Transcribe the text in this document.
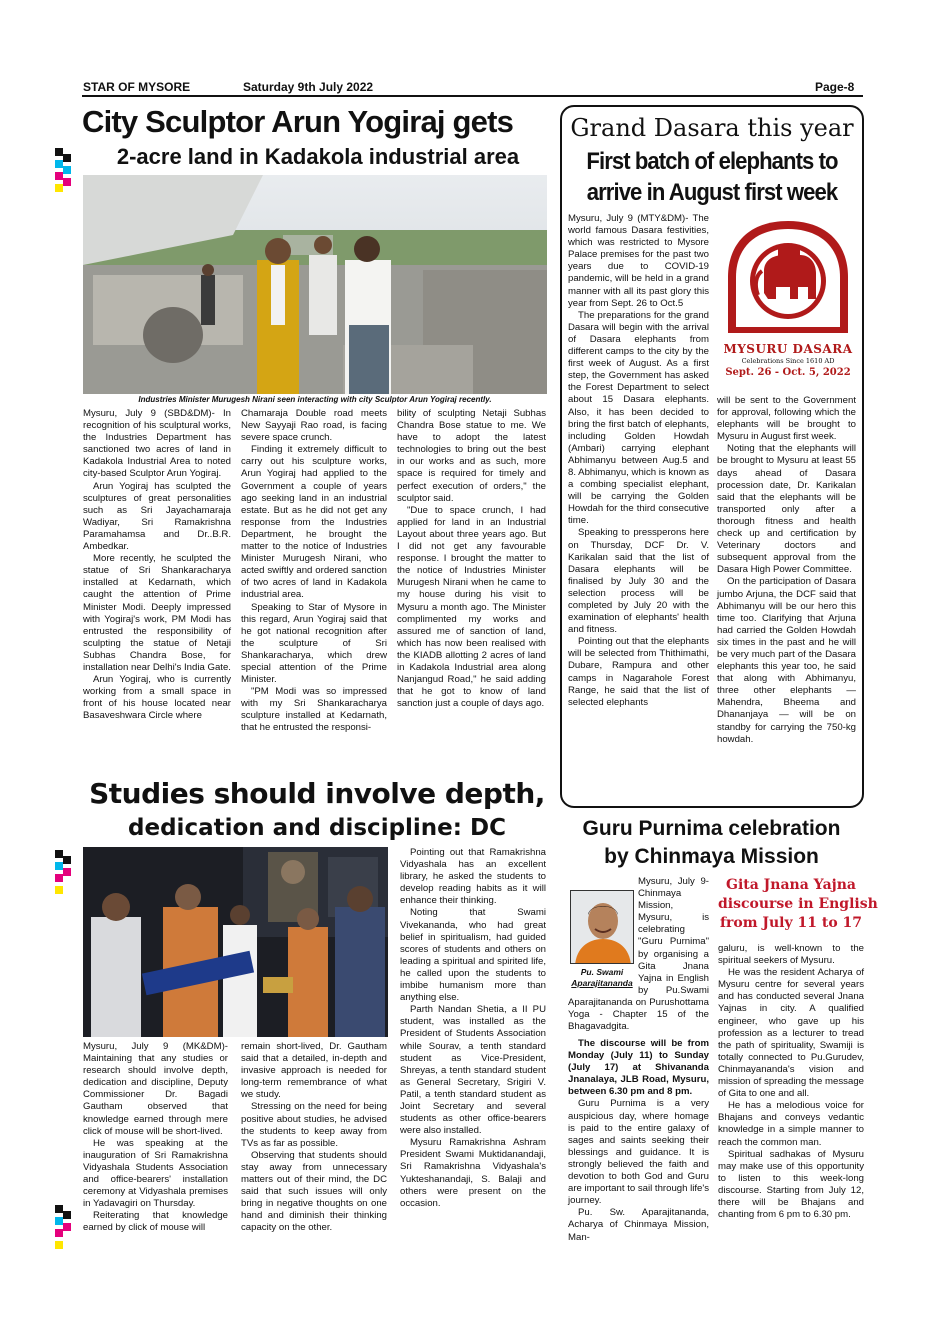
STAR OF MYSORE	Saturday 9th July 2022	Page-8
City Sculptor Arun Yogiraj gets
2-acre land in Kadakola industrial area
Industries Minister Murugesh Nirani seen interacting with city Sculptor Arun Yogiraj recently.

Mysuru, July 9 (SBD&DM)- In recognition of his sculptural works, the Industries Department has sanctioned two acres of land in Kadakola Industrial Area to noted city-based Sculptor Arun Yogiraj.

Arun Yogiraj has sculpted the sculptures of great personalities such as Sri Jayachamaraja Wadiyar, Sri Ramakrishna Paramahamsa and Dr..B.R. Ambedkar.

More recently, he sculpted the statue of Sri Shankaracharya installed at Kedarnath, which caught the attention of Prime Minister Modi. Deeply impressed with Yogiraj's work, PM Modi has entrusted the responsibility of sculpting the statue of Netaji Subhas Chandra Bose, for installation near Delhi's India Gate.

Arun Yogiraj, who is currently working from a small space in front of his house located near Basaveshwara Circle where

Chamaraja Double road meets New Sayyaji Rao road, is facing severe space crunch.

Finding it extremely difficult to carry out his sculpture works, Arun Yogiraj had applied to the Government a couple of years ago seeking land in an industrial estate. But as he did not get any response from the Industries Department, he brought the matter to the notice of Industries Minister Murugesh Nirani, who acted swiftly and ordered sanction of two acres of land in Kadakola industrial area.

Speaking to Star of Mysore in this regard, Arun Yogiraj said that he got national recognition after the sculpture of Sri Shankaracharya, which drew special attention of the Prime Minister.

"PM Modi was so impressed with my Sri Shankaracharya sculpture installed at Kedarnath, that he entrusted the responsi-

bility of sculpting Netaji Subhas Chandra Bose statue to me. We have to adopt the latest technologies to bring out the best in our works and as such, more space is required for timely and perfect execution of orders," the sculptor said.

"Due to space crunch, I had applied for land in an Industrial Layout about three years ago. But I did not get any favourable response. I brought the matter to the notice of Industries Minister Murugesh Nirani when he came to my house during his visit to Mysuru a month ago. The Minister complimented my works and assured me of sanction of land, which has now been realised with the KIADB allotting 2 acres of land in Kadakola Industrial area along Nanjangud Road," he said adding that he got to know of land sanction just a couple of days ago.

Grand Dasara this year
First batch of elephants to
arrive in August first week

Mysuru, July 9 (MTY&DM)- The world famous Dasara festivities, which was restricted to Mysore Palace premises for the past two years due to COVID-19 pandemic, will be held in a grand manner with all its past glory this year from Sept. 26 to Oct.5

The preparations for the grand Dasara will begin with the arrival of Dasara elephants from different camps to the city by the first week of August. As a first step, the Government has asked the Forest Department to select about 15 Dasara elephants. Also, it has been decided to bring the first batch of elephants, including Golden Howdah (Ambari) carrying elephant Abhimanyu between Aug.5 and 8. Abhimanyu, which is known as a combing specialist elephant, will be carrying the Golden Howdah for the third consecutive time.

Speaking to pressperons here on Thursday, DCF Dr. V. Karikalan said that the list of Dasara elephants will be finalised by July 30 and the selection process will be completed by July 20 with the examination of elephants' health and fitness.

Pointing out that the elephants will be selected from Thithimathi, Dubare, Rampura and other camps in Nagarahole Forest Range, he said that the list of selected elephants

MYSURU DASARA
Celebrations Since 1610 AD
Sept. 26 - Oct. 5, 2022

will be sent to the Government for approval, following which the elephants will be brought to Mysuru in August first week.

Noting that the elephants will be brought to Mysuru at least 55 days ahead of Dasara procession date, Dr. Karikalan said that the elephants will be transported only after a thorough fitness and health check up and certification by Veterinary doctors and subsequent approval from the Dasara High Power Committee.

On the participation of Dasara jumbo Arjuna, the DCF said that Abhimanyu will be our hero this time too. Clarifying that Arjuna had carried the Golden Howdah six times in the past and he will be very much part of the Dasara elephants this year too, he said that along with Abhimanyu, three other elephants — Mahendra, Bheema and Dhananjaya — will be on standby for carrying the 750-kg howdah.

Studies should involve depth,
dedication and discipline: DC

Mysuru, July 9 (MK&DM)- Maintaining that any studies or research should involve depth, dedication and discipline, Deputy Commissioner Dr. Bagadi Gautham observed that knowledge earned through mere click of mouse will be short-lived.

He was speaking at the inauguration of Sri Ramakrishna Vidyashala Students Association and office-bearers' installation ceremony at Vidyashala premises in Yadavagiri on Thursday.

Reiterating that knowledge earned by click of mouse will

remain short-lived, Dr. Gautham said that a detailed, in-depth and invasive approach is needed for long-term remembrance of what we study.

Stressing on the need for being positive about studies, he advised the students to keep away from TVs as far as possible.

Observing that students should stay away from unnecessary matters out of their mind, the DC said that such issues will only bring in negative thoughts on one hand and diminish their thinking capacity on the other.

Pointing out that Ramakrishna Vidyashala has an excellent library, he asked the students to develop reading habits as it will enhance their thinking.

Noting that Swami Vivekananda, who had great belief in spiritualism, had guided scores of students and others on leading a spiritual and spirited life, he called upon the students to imbibe humanism more than anything else.

Parth Nandan Shetia, a II PU student, was installed as the President of Students Association while Sourav, a tenth standard student as Vice-President, Shreyas, a tenth standard student as General Secretary, Srigiri V. Patil, a tenth standard student as Joint Secretary and several students as other office-bearers were also installed.

Mysuru Ramakrishna Ashram President Swami Muktidanandaji, Sri Ramakrishna Vidyashala's Yukteshanandaji, S. Balaji and others were present on the occasion.

Guru Purnima celebration
by Chinmaya Mission
Gita Jnana Yajna
discourse in English
from July 11 to 17
Pu. Swami
Aparajitananda

Mysuru, July 9- Chinmaya Mission, Mysuru, is celebrating "Guru Purnima" by organising a Gita Jnana Yajna in English by Pu.Swami Aparajitananda on Purushottama Yoga - Chapter 15 of the Bhagavadgita.

The discourse will be from Monday (July 11) to Sunday (July 17) at Shivananda Jnanalaya, JLB Road, Mysuru, between 6.30 pm and 8 pm.

Guru Purnima is a very auspicious day, where homage is paid to the entire galaxy of sages and saints seeking their blessings and guidance. It is strongly believed the faith and devotion to both God and Guru are important to sail through life's journey.

Pu. Sw. Aparajitananda, Acharya of Chinmaya Mission, Man-

galuru, is well-known to the spiritual seekers of Mysuru.

He was the resident Acharya of Mysuru centre for several years and has conducted several Jnana Yajnas in city. A qualified engineer, who gave up his profession as a lecturer to tread the path of spirituality, Swamiji is totally connected to Pu.Gurudev, Chinmayananda's vision and mission of spreading the message of Gita to one and all.

He has a melodious voice for Bhajans and conveys vedantic knowledge in a simple manner to reach the common man.

Spiritual sadhakas of Mysuru may make use of this opportunity to listen to this week-long discourse. Starting from July 12, there will be Bhajans and chanting from 6 pm to 6.30 pm.
